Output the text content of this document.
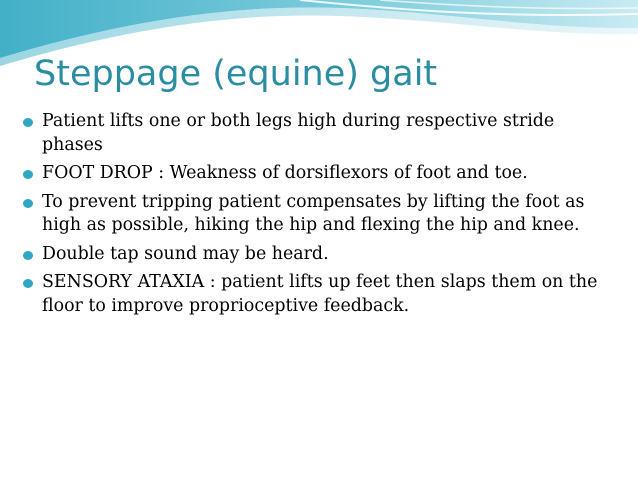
Steppage (equine) gait
Patient lifts one or both legs high during respective stride phases
FOOT DROP : Weakness of dorsiflexors of foot and toe.
To prevent tripping patient compensates by lifting the foot as high as possible, hiking the hip and flexing the hip and knee.
Double tap sound may be heard.
SENSORY ATAXIA : patient lifts up feet then slaps them on the floor to improve proprioceptive feedback.
